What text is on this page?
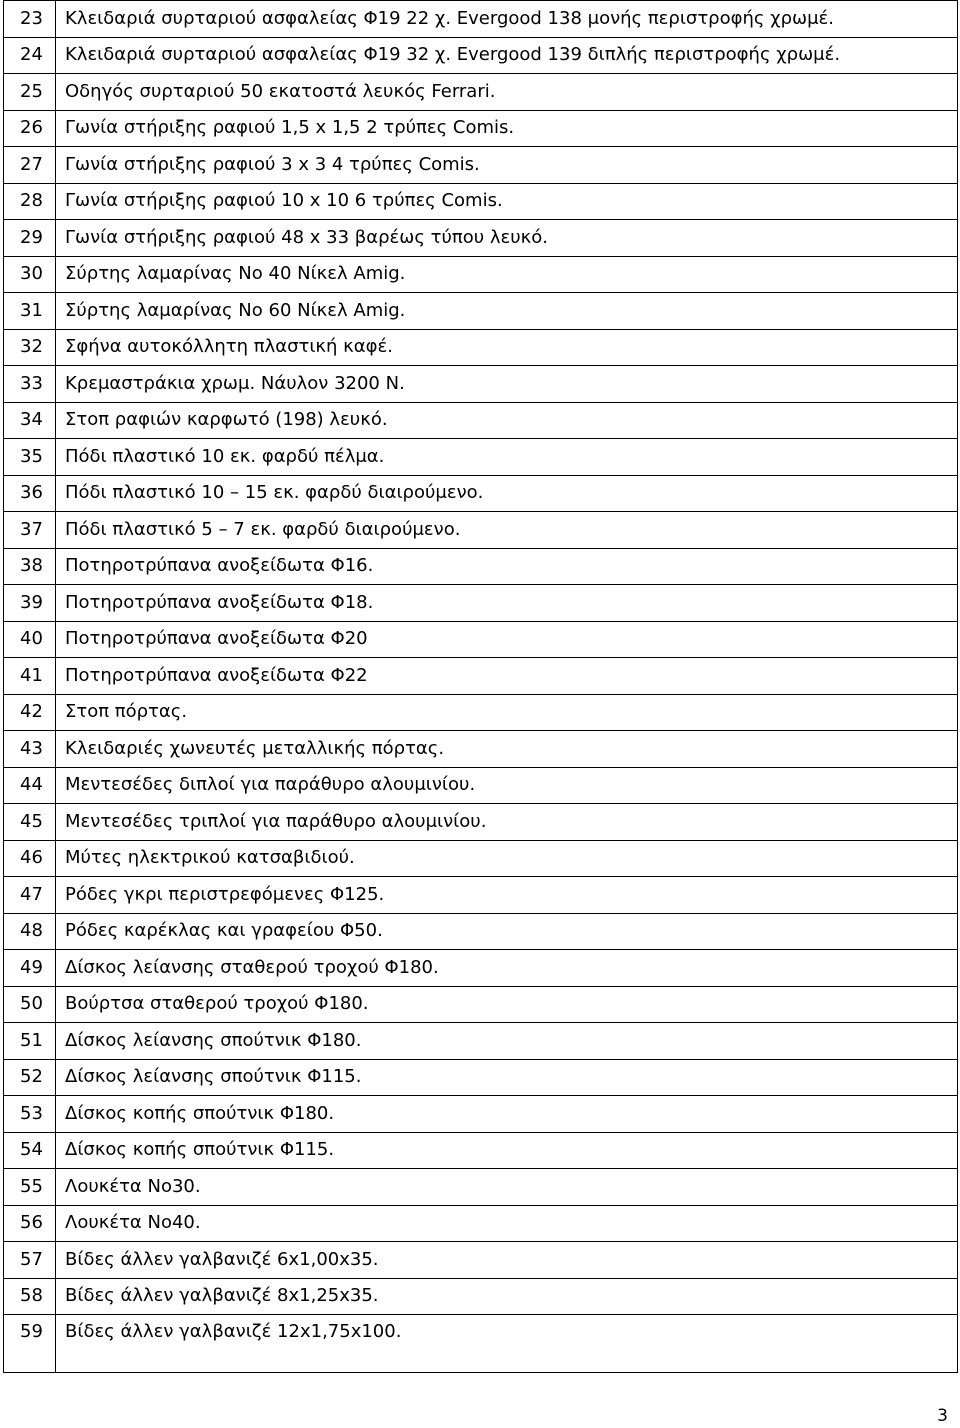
23	Κλειδαριά συρταριού ασφαλείας Φ19 22 χ. Evergood 138 μονής περιστροφής χρωμέ.
24	Κλειδαριά συρταριού ασφαλείας Φ19 32 χ. Evergood 139 διπλής περιστροφής χρωμέ.
25	Οδηγός συρταριού 50 εκατοστά λευκός Ferrari.
26	Γωνία στήριξης ραφιού 1,5 x 1,5 2 τρύπες Comis.
27	Γωνία στήριξης ραφιού 3 x 3 4 τρύπες Comis.
28	Γωνία στήριξης ραφιού 10 x 10 6 τρύπες Comis.
29	Γωνία στήριξης ραφιού 48 x 33 βαρέως τύπου λευκό.
30	Σύρτης λαμαρίνας Νο 40 Νίκελ Amig.
31	Σύρτης λαμαρίνας Νο 60 Νίκελ Amig.
32	Σφήνα αυτοκόλλητη πλαστική καφέ.
33	Κρεμαστράκια χρωμ. Νάυλον 3200 Ν.
34	Στοπ ραφιών καρφωτό (198) λευκό.
35	Πόδι πλαστικό 10 εκ. φαρδύ πέλμα.
36	Πόδι πλαστικό 10 – 15 εκ. φαρδύ διαιρούμενο.
37	Πόδι πλαστικό 5 – 7 εκ. φαρδύ διαιρούμενο.
38	Ποτηροτρύπανα ανοξείδωτα Φ16.
39	Ποτηροτρύπανα ανοξείδωτα Φ18.
40	Ποτηροτρύπανα ανοξείδωτα Φ20
41	Ποτηροτρύπανα ανοξείδωτα Φ22
42	Στοπ πόρτας.
43	Κλειδαριές χωνευτές μεταλλικής πόρτας.
44	Μεντεσέδες διπλοί για παράθυρο αλουμινίου.
45	Μεντεσέδες τριπλοί για παράθυρο αλουμινίου.
46	Μύτες ηλεκτρικού κατσαβιδιού.
47	Ρόδες γκρι περιστρεφόμενες Φ125.
48	Ρόδες καρέκλας και γραφείου Φ50.
49	Δίσκος λείανσης σταθερού τροχού Φ180.
50	Βούρτσα σταθερού τροχού Φ180.
51	Δίσκος λείανσης σπούτνικ Φ180.
52	Δίσκος λείανσης σπούτνικ Φ115.
53	Δίσκος κοπής σπούτνικ Φ180.
54	Δίσκος κοπής σπούτνικ Φ115.
55	Λουκέτα Νο30.
56	Λουκέτα Νο40.
57	Βίδες άλλεν γαλβανιζέ 6x1,00x35.
58	Βίδες άλλεν γαλβανιζέ 8x1,25x35.
59	Βίδες άλλεν γαλβανιζέ 12x1,75x100.
3
